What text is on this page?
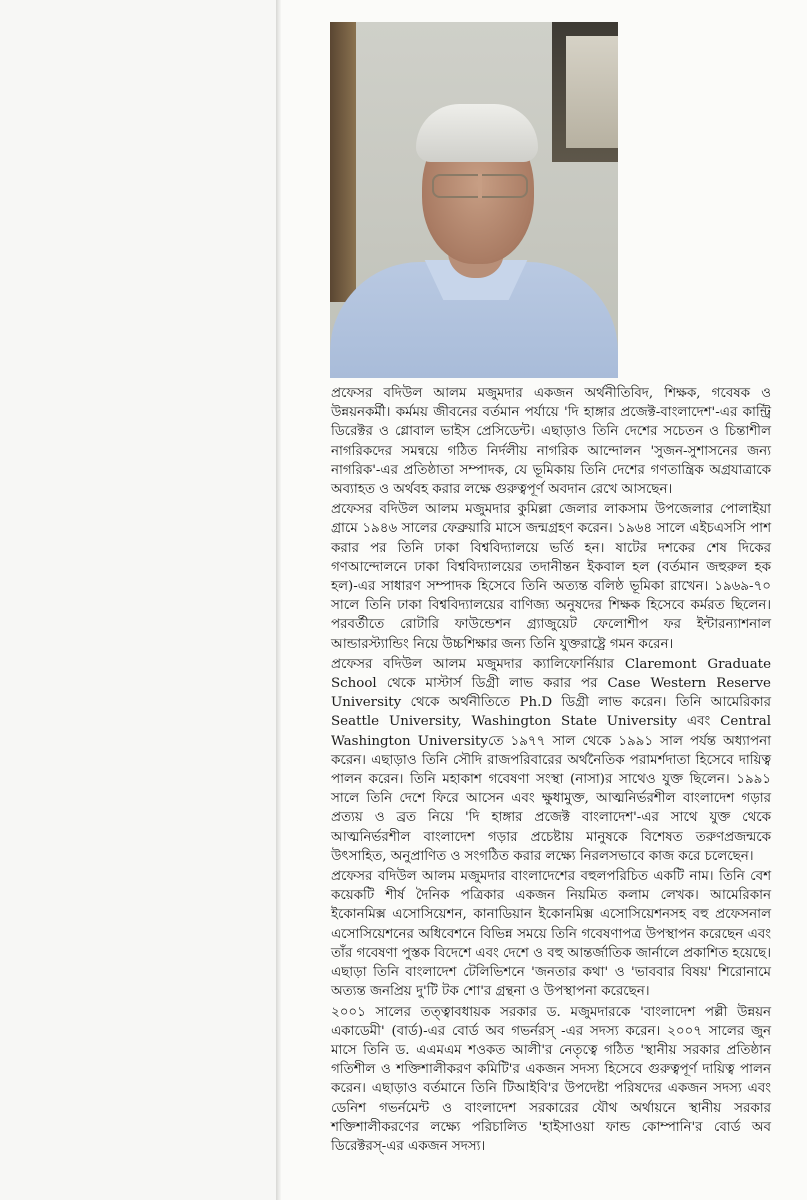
প্রফেসর বদিউল আলম মজুমদার একজন অর্থনীতিবিদ, শিক্ষক, গবেষক ও উন্নয়নকর্মী। কর্মময় জীবনের বর্তমান পর্যায়ে 'দি হাঙ্গার প্রজেক্ট-বাংলাদেশ'-এর কান্ট্রি ডিরেক্টর ও গ্লোবাল ভাইস প্রেসিডেন্ট। এছাড়াও তিনি দেশের সচেতন ও চিন্তাশীল নাগরিকদের সমন্বয়ে গঠিত নির্দলীয় নাগরিক আন্দোলন 'সুজন-সুশাসনের জন্য নাগরিক'-এর প্রতিষ্ঠাতা সম্পাদক, যে ভূমিকায় তিনি দেশের গণতান্ত্রিক অগ্রযাত্রাকে অব্যাহত ও অর্থবহ করার লক্ষে গুরুত্বপূর্ণ অবদান রেখে আসছেন।

প্রফেসর বদিউল আলম মজুমদার কুমিল্লা জেলার লাকসাম উপজেলার পোলাইয়া গ্রামে ১৯৪৬ সালের ফেব্রুয়ারি মাসে জন্মগ্রহণ করেন। ১৯৬৪ সালে এইচএসসি পাশ করার পর তিনি ঢাকা বিশ্ববিদ্যালয়ে ভর্তি হন। ষাটের দশকের শেষ দিকের গণআন্দোলনে ঢাকা বিশ্ববিদ্যালয়ের তদানীন্তন ইকবাল হল (বর্তমান জহুরুল হক হল)-এর সাধারণ সম্পাদক হিসেবে তিনি অত্যন্ত বলিষ্ঠ ভূমিকা রাখেন। ১৯৬৯-৭০ সালে তিনি ঢাকা বিশ্ববিদ্যালয়ের বাণিজ্য অনুষদের শিক্ষক হিসেবে কর্মরত ছিলেন। পরবর্তীতে রোটারি ফাউন্ডেশন গ্র্যাজুয়েট ফেলোশীপ ফর ইন্টারন্যাশনাল আন্ডারস্ট্যান্ডিং নিয়ে উচ্চশিক্ষার জন্য তিনি যুক্তরাষ্ট্রে গমন করেন।

প্রফেসর বদিউল আলম মজুমদার ক্যালিফোর্নিয়ার Claremont Graduate School থেকে মাস্টার্স ডিগ্রী লাভ করার পর Case Western Reserve University থেকে অর্থনীতিতে Ph.D ডিগ্রী লাভ করেন। তিনি আমেরিকার Seattle University, Washington State University এবং Central Washington Universityতে ১৯৭৭ সাল থেকে ১৯৯১ সাল পর্যন্ত অধ্যাপনা করেন। এছাড়াও তিনি সৌদি রাজপরিবারের অর্থনৈতিক পরামর্শদাতা হিসেবে দায়িত্ব পালন করেন। তিনি মহাকাশ গবেষণা সংস্থা (নাসা)র সাথেও যুক্ত ছিলেন। ১৯৯১ সালে তিনি দেশে ফিরে আসেন এবং ক্ষুধামুক্ত, আত্মনির্ভরশীল বাংলাদেশ গড়ার প্রত্যয় ও ব্রত নিয়ে 'দি হাঙ্গার প্রজেক্ট বাংলাদেশ'-এর সাথে যুক্ত থেকে আত্মনির্ভরশীল বাংলাদেশ গড়ার প্রচেষ্টায় মানুষকে বিশেষত তরুণপ্রজন্মকে উৎসাহিত, অনুপ্রাণিত ও সংগঠিত করার লক্ষ্যে নিরলসভাবে কাজ করে চলেছেন।

প্রফেসর বদিউল আলম মজুমদার বাংলাদেশের বহুলপরিচিত একটি নাম। তিনি বেশ কয়েকটি শীর্ষ দৈনিক পত্রিকার একজন নিয়মিত কলাম লেখক। আমেরিকান ইকোনমিক্স এসোসিয়েশন, কানাডিয়ান ইকোনমিক্স এসোসিয়েশনসহ বহু প্রফেসনাল এসোসিয়েশনের অধিবেশনে বিভিন্ন সময়ে তিনি গবেষণাপত্র উপস্থাপন করেছেন এবং তাঁর গবেষণা পুস্তক বিদেশে এবং দেশে ও বহু আন্তর্জাতিক জার্নালে প্রকাশিত হয়েছে। এছাড়া তিনি বাংলাদেশ টেলিভিশনে 'জনতার কথা' ও 'ভাববার বিষয়' শিরোনামে অত্যন্ত জনপ্রিয় দু'টি টক শো'র গ্রন্থনা ও উপস্থাপনা করেছেন।

২০০১ সালের তত্ত্বাবধায়ক সরকার ড. মজুমদারকে 'বাংলাদেশ পল্লী উন্নয়ন একাডেমী' (বার্ড)-এর বোর্ড অব গভর্নরস্ -এর সদস্য করেন। ২০০৭ সালের জুন মাসে তিনি ড. এএমএম শওকত আলী'র নেতৃত্বে গঠিত 'স্থানীয় সরকার প্রতিষ্ঠান গতিশীল ও শক্তিশালীকরণ কমিটি'র একজন সদস্য হিসেবে গুরুত্বপূর্ণ দায়িত্ব পালন করেন। এছাড়াও বর্তমানে তিনি টিআইবি'র উপদেষ্টা পরিষদের একজন সদস্য এবং ডেনিশ গভর্নমেন্ট ও বাংলাদেশ সরকারের যৌথ অর্থায়নে স্থানীয় সরকার শক্তিশালীকরণের লক্ষ্যে পরিচালিত 'হাইসাওয়া ফান্ড কোম্পানি'র বোর্ড অব ডিরেক্টরস্-এর একজন সদস্য।
